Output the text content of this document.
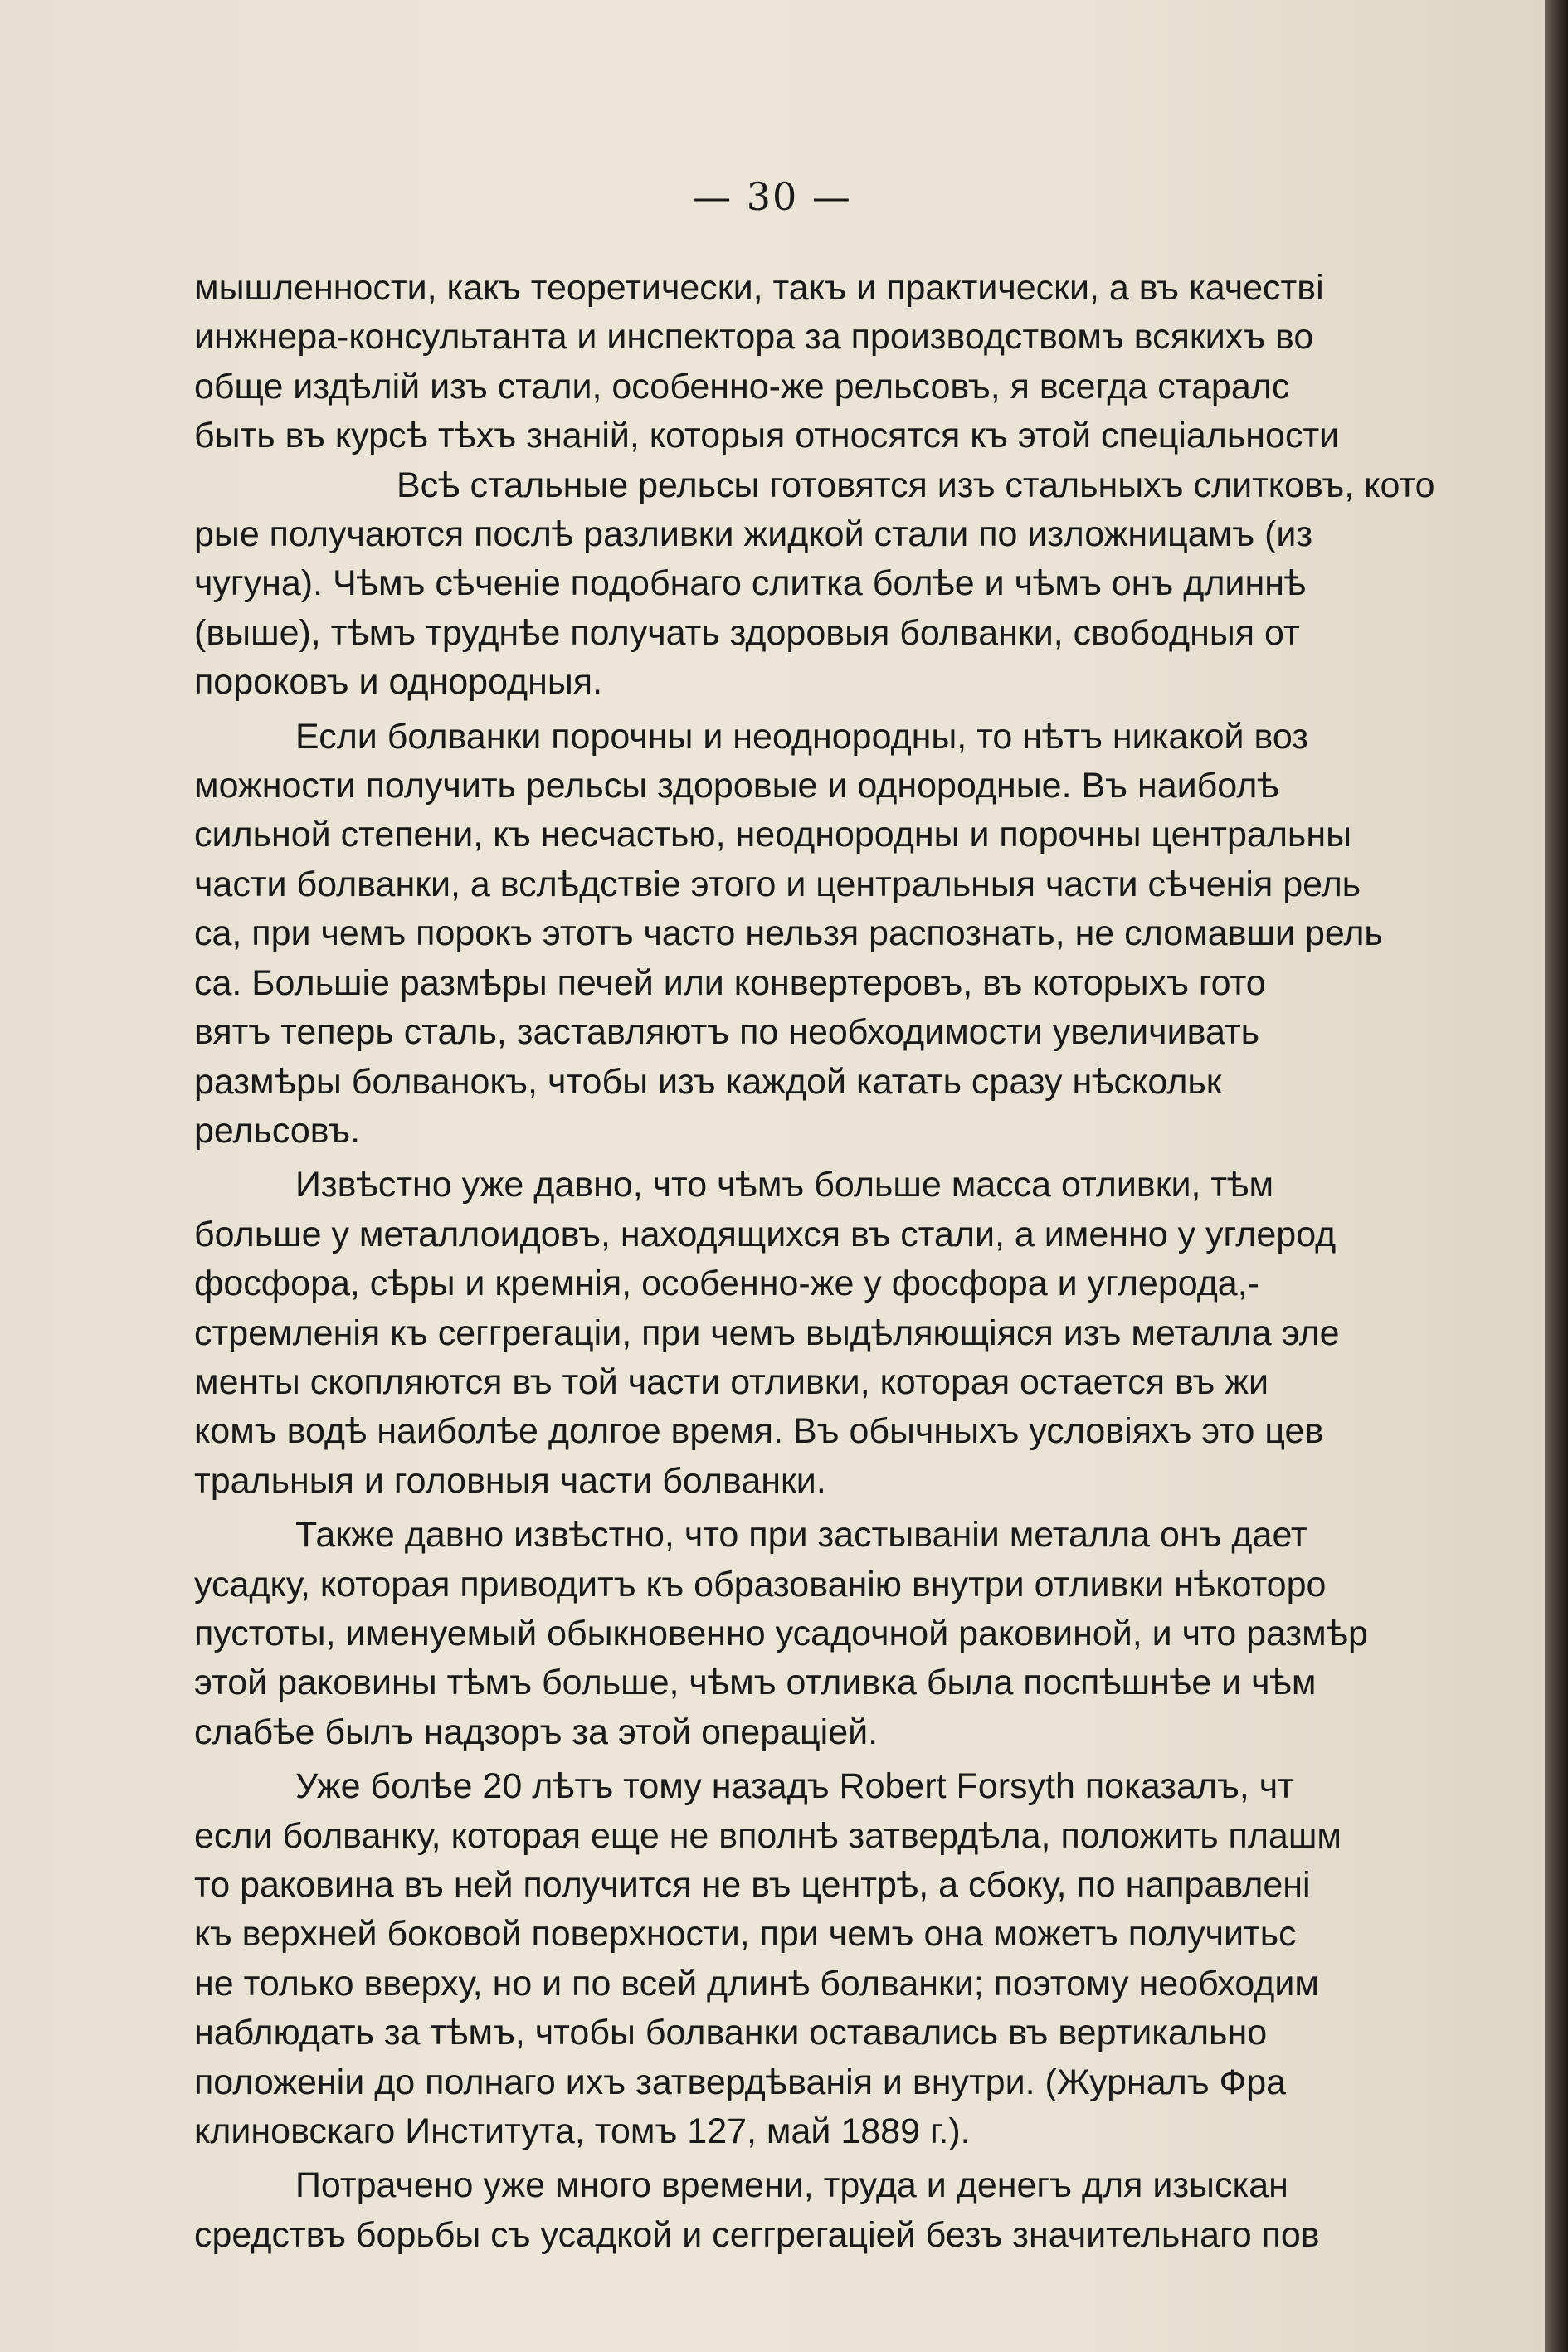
— 30 —

мышленности, какъ теоретически, такъ и практически, а въ качестві
инжнера-консультанта и инспектора за производствомъ всякихъ во
обще издѣлій изъ стали, особенно-же рельсовъ, я всегда старалс
быть въ курсѣ тѣхъ знаній, которыя относятся къ этой спеціальности

Всѣ стальные рельсы готовятся изъ стальныхъ слитковъ, кото
рые получаются послѣ разливки жидкой стали по изложницамъ (из
чугуна). Чѣмъ сѣченіе подобнаго слитка болѣе и чѣмъ онъ длиннѣ
(выше), тѣмъ труднѣе получать здоровыя болванки, свободныя от
пороковъ и однородныя.

Если болванки порочны и неоднородны, то нѣтъ никакой воз
можности получить рельсы здоровые и однородные. Въ наиболѣ
сильной степени, къ несчастью, неоднородны и порочны центральны
части болванки, а вслѣдствіе этого и центральныя части сѣченія рель
са, при чемъ порокъ этотъ часто нельзя распознать, не сломавши рель
са. Большіе размѣры печей или конвертеровъ, въ которыхъ гото
вятъ теперь сталь, заставляютъ по необходимости увеличивать
размѣры болванокъ, чтобы изъ каждой катать сразу нѣскольк
рельсовъ.

Извѣстно уже давно, что чѣмъ больше масса отливки, тѣм
больше у металлоидовъ, находящихся въ стали, а именно у углерод
фосфора, сѣры и кремнія, особенно-же у фосфора и углерода,-
стремленія къ сеггрегаціи, при чемъ выдѣляющіяся изъ металла эле
менты скопляются въ той части отливки, которая остается въ жи
комъ водѣ наиболѣе долгое время. Въ обычныхъ условіяхъ это цев
тральныя и головныя части болванки.

Также давно извѣстно, что при застываніи металла онъ дает
усадку, которая приводитъ къ образованію внутри отливки нѣкоторо
пустоты, именуемый обыкновенно усадочной раковиной, и что размѣр
этой раковины тѣмъ больше, чѣмъ отливка была поспѣшнѣе и чѣм
слабѣе былъ надзоръ за этой операціей.

Уже болѣе 20 лѣтъ тому назадъ Robert Forsyth показалъ, чт
если болванку, которая еще не вполнѣ затвердѣла, положить плашм
то раковина въ ней получится не въ центрѣ, а сбоку, по направлені
къ верхней боковой поверхности, при чемъ она можетъ получитьс
не только вверху, но и по всей длинѣ болванки; поэтому необходим
наблюдать за тѣмъ, чтобы болванки оставались въ вертикально
положеніи до полнаго ихъ затвердѣванія и внутри. (Журналъ Фра
клиновскаго Института, томъ 127, май 1889 г.).

Потрачено уже много времени, труда и денегъ для изыскан
средствъ борьбы съ усадкой и сеггрегаціей безъ значительнаго пов
